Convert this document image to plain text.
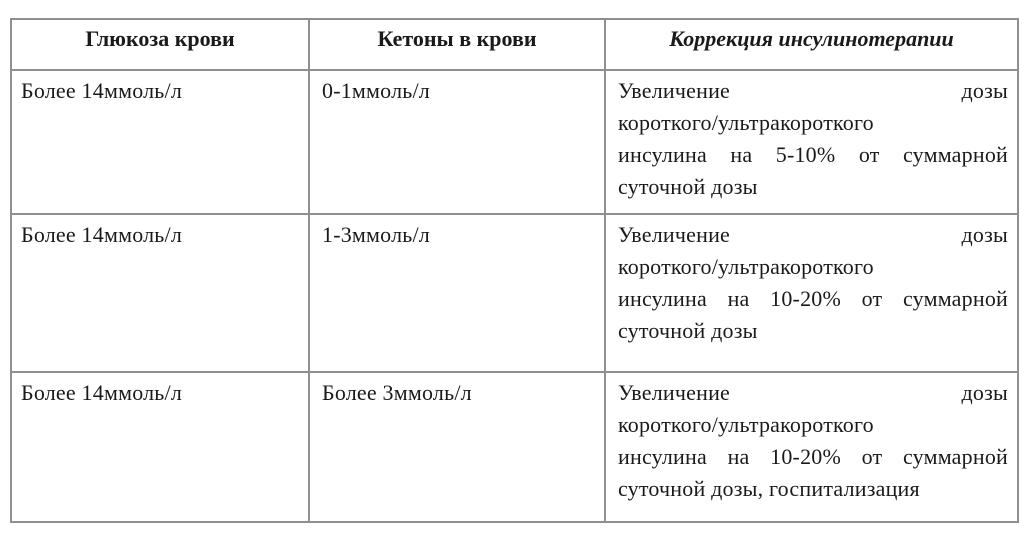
Глюкоза крови	Кетоны в крови	Коррекция инсулинотерапии
Более 14ммоль/л	0-1ммоль/л	Увеличение дозы
короткого/ультракороткого
инсулина на 5-10% от суммарной
суточной дозы

Более 14ммоль/л	1-3ммоль/л	Увеличение дозы
короткого/ультракороткого
инсулина на 10-20% от суммарной
суточной дозы

Более 14ммоль/л	Более 3ммоль/л	Увеличение дозы
короткого/ультракороткого
инсулина на 10-20% от суммарной
суточной дозы, госпитализация
